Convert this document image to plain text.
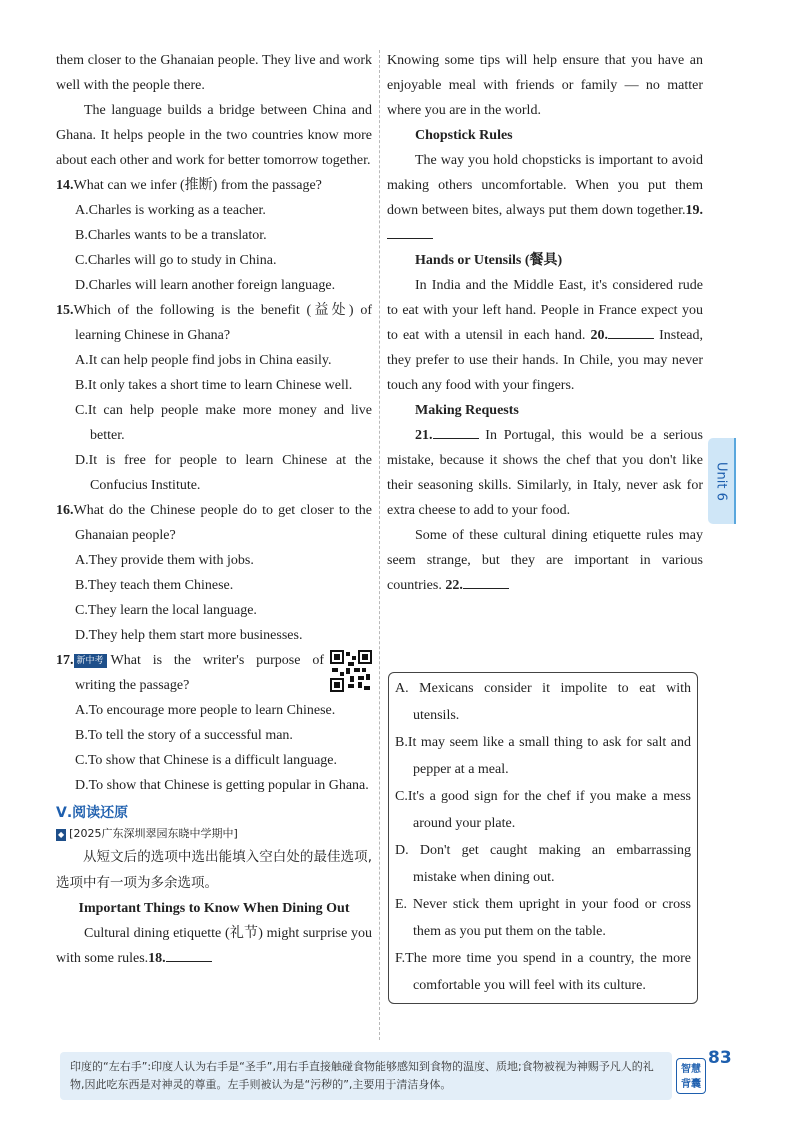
them closer to the Ghanaian people. They live and work well with the people there.

The language builds a bridge between China and Ghana. It helps people in the two countries know more about each other and work for better tomorrow together.

14.What can we infer (推断) from the passage?

A.Charles is working as a teacher.

B.Charles wants to be a translator.

C.Charles will go to study in China.

D.Charles will learn another foreign language.

15.Which of the following is the benefit (益处) of learning Chinese in Ghana?

A.It can help people find jobs in China easily.

B.It only takes a short time to learn Chinese well.

C.It can help people make more money and live better.

D.It is free for people to learn Chinese at the Confucius Institute.

16.What do the Chinese people do to get closer to the Ghanaian people?

A.They provide them with jobs.

B.They teach them Chinese.

C.They learn the local language.

D.They help them start more businesses.

17. 新中考 What is the writer's purpose of writing the passage?

A.To encourage more people to learn Chinese.

B.To tell the story of a successful man.

C.To show that Chinese is a difficult language.

D.To show that Chinese is getting popular in Ghana.

Ⅴ.阅读还原
◆ [2025广东深圳翠园东晓中学期中]

从短文后的选项中选出能填入空白处的最佳选项,选项中有一项为多余选项。

Important Things to Know When Dining Out

Cultural dining etiquette (礼节) might surprise you with some rules.18.

Knowing some tips will help ensure that you have an enjoyable meal with friends or family — no matter where you are in the world.

Chopstick Rules

The way you hold chopsticks is important to avoid making others uncomfortable. When you put them down between bites, always put them down together.19.

Hands or Utensils (餐具)

In India and the Middle East, it's considered rude to eat with your left hand. People in France expect you to eat with a utensil in each hand. 20.	Instead, they prefer to use their hands. In Chile, you may never touch any food with your fingers.

Making Requests

21.	In Portugal, this would be a serious mistake, because it shows the chef that you don't like their seasoning skills. Similarly, in Italy, never ask for extra cheese to add to your food.

Some of these cultural dining etiquette rules may seem strange, but they are important in various countries. 22.

A. Mexicans consider it impolite to eat with utensils.

B.It may seem like a small thing to ask for salt and pepper at a meal.

C.It's a good sign for the chef if you make a mess around your plate.

D. Don't get caught making an embarrassing mistake when dining out.

E. Never stick them upright in your food or cross them as you put them on the table.

F.The more time you spend in a country, the more comfortable you will feel with its culture.

Unit 6
印度的“左右手”:印度人认为右手是“圣手”,用右手直接触碰食物能够感知到食物的温度、质地;食物被视为神赐予凡人的礼物,因此吃东西是对神灵的尊重。左手则被认为是“污秽的”,主要用于清洁身体。
智慧背囊
83
